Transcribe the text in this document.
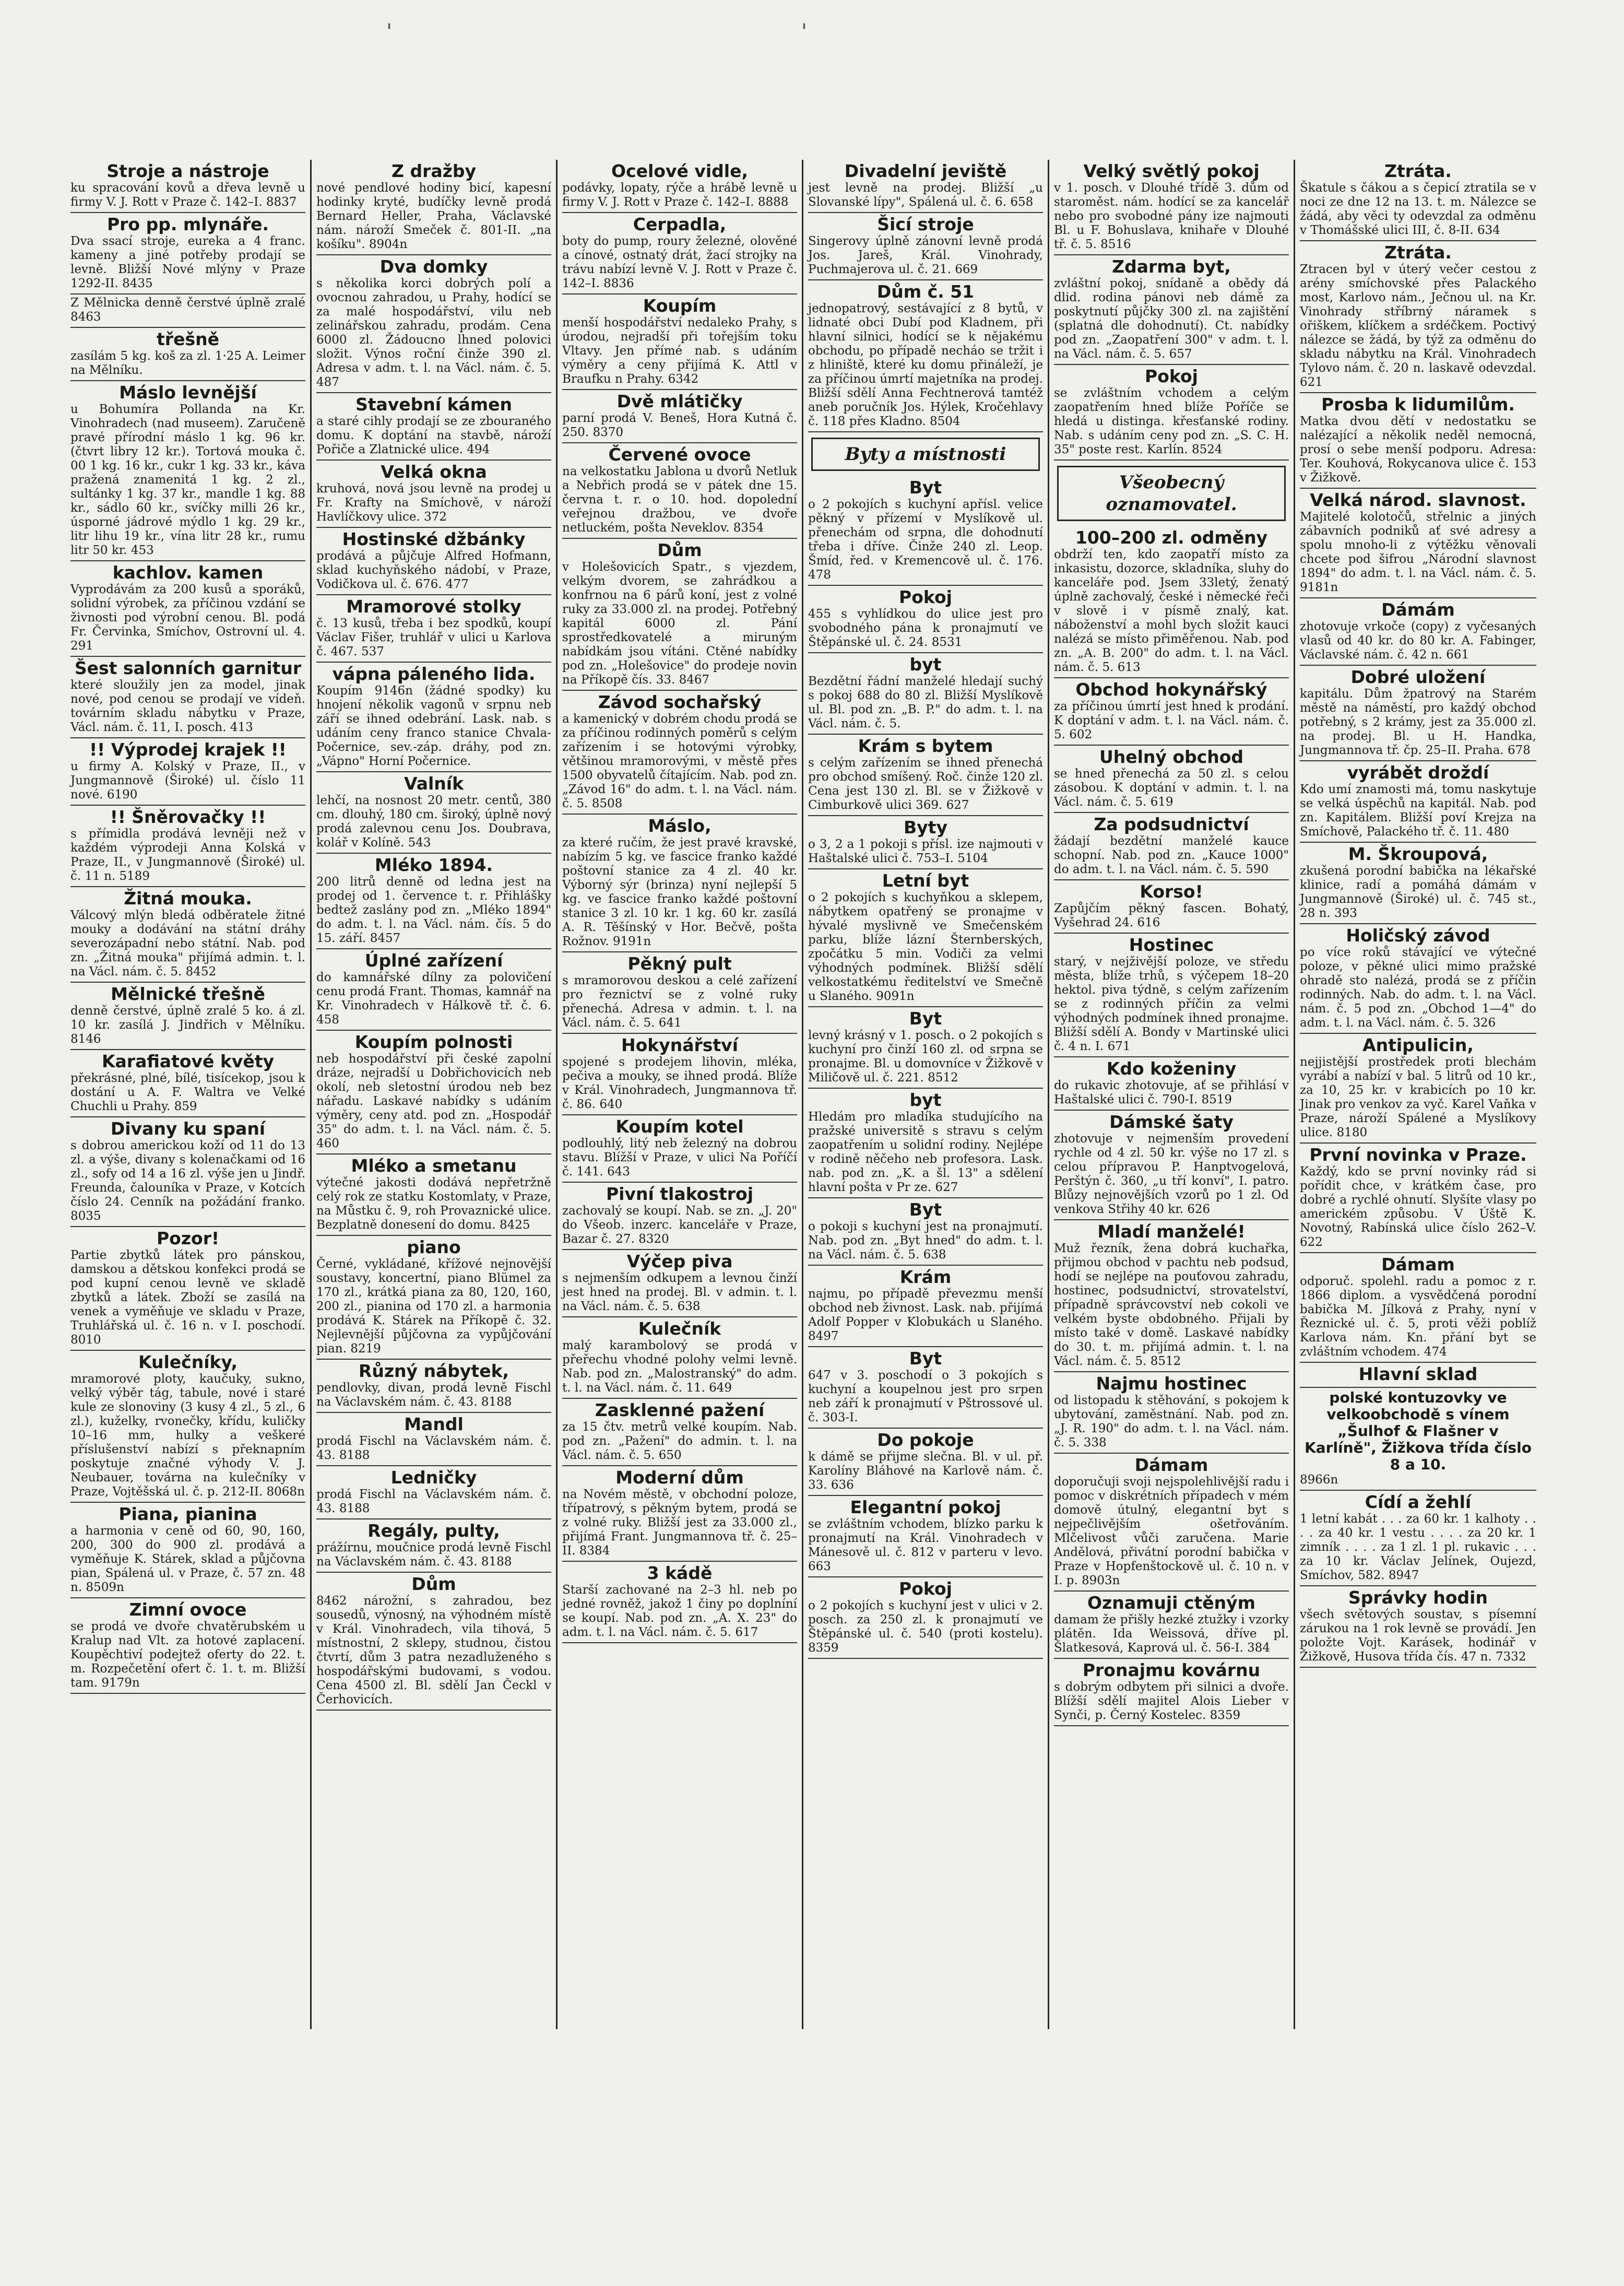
'	'
Stroje a nástroje
ku spracování kovů a dřeva levně u firmy V. J. Rott v Praze č. 142–I. 8837
Pro pp. mlynáře.
Dva ssací stroje, eureka a 4 franc. kameny a jiné potřeby prodají se levně. Bližší Nové mlýny v Praze 1292-II. 8435
Z Mělnicka denně čerstvé úplně zralé 8463
třešně
zasílám 5 kg. koš za zl. 1·25 A. Leimer na Mělníku.
Máslo levnější
u Bohumíra Pollanda na Kr. Vinohradech (nad museem). Zaručeně pravé přírodní máslo 1 kg. 96 kr. (čtvrt libry 12 kr.). Tortová mouka č. 00 1 kg. 16 kr., cukr 1 kg. 33 kr., káva pražená znamenitá 1 kg. 2 zl., sultánky 1 kg. 37 kr., mandle 1 kg. 88 kr., sádlo 60 kr., svíčky milli 26 kr., úsporné jádrové mýdlo 1 kg. 29 kr., litr lihu 19 kr., vína litr 28 kr., rumu litr 50 kr. 453
kachlov. kamen
Vyprodávám za 200 kusů a sporáků, solidní výrobek, za příčinou vzdání se živnosti pod výrobní cenou. Bl. podá Fr. Červinka, Smíchov, Ostrovní ul. 4. 291
Šest salonních garnitur
které sloužily jen za model, jinak nové, pod cenou se prodají ve vídeň. továrním skladu nábytku v Praze, Václ. nám. č. 11, I. posch. 413
!! Výprodej krajek !!
u firmy A. Kolský v Praze, II., v Jungmannově (Široké) ul. číslo 11 nové. 6190
!! Šněrovačky !!
s přímidla prodává levněji než v každém výprodeji Anna Kolská v Praze, II., v Jungmannově (Široké) ul. č. 11 n. 5189
Žitná mouka.
Válcový mlýn bledá odběratele žitné mouky a dodávání na státní dráhy severozápadní nebo státní. Nab. pod zn. „Žitná mouka" přijímá admin. t. l. na Václ. nám. č. 5. 8452
Mělnické třešně
denně čerstvé, úplně zralé 5 ko. á zl. 10 kr. zasílá J. Jindřich v Mělníku. 8146
Karafiatové květy
překrásné, plné, bílé, tisícekop, jsou k dostání u A. F. Waltra ve Velké Chuchli u Prahy. 859
Divany ku spaní
s dobrou americkou koží od 11 do 13 zl. a výše, divany s kolenačkami od 16 zl., sofy od 14 a 16 zl. výše jen u Jindř. Freunda, čalouníka v Praze, v Kotcích číslo 24. Cenník na požádání franko. 8035
Pozor!
Partie zbytků látek pro pánskou, damskou a dětskou konfekci prodá se pod kupní cenou levně ve skladě zbytků a látek. Zboží se zasílá na venek a vyměňuje ve skladu v Praze, Truhlářská ul. č. 16 n. v I. poschodí. 8010
Kulečníky,
mramorové ploty, kaučuky, sukno, velký výběr tág, tabule, nové i staré kule ze slonoviny (3 kusy 4 zl., 5 zl., 6 zl.), kuželky, rvonečky, křídu, kuličky 10–16 mm, hulky a veškeré příslušenství nabízí s překnapním poskytuje značné výhody V. J. Neubauer, továrna na kulečníky v Praze, Vojtěšská ul. č. p. 212-II. 8068n
Piana, pianina
a harmonia v ceně od 60, 90, 160, 200, 300 do 900 zl. prodává a vyměňuje K. Stárek, sklad a půjčovna pian, Spálená ul. v Praze, č. 57 zn. 48 n. 8509n
Zimní ovoce
se prodá ve dvoře chvatěrubském u Kralup nad Vlt. za hotové zaplacení. Koupěchtiví podejtež oferty do 22. t. m. Rozpečetění ofert č. 1. t. m. Bližší tam. 9179n
Z dražby
nové pendlové hodiny bicí, kapesní hodinky kryté, budíčky levně prodá Bernard Heller, Praha, Václavské nám. nároží Smeček č. 801-II. „na košíku". 8904n
Dva domky
s několika korci dobrých polí a ovocnou zahradou, u Prahy, hodící se za malé hospodářství, vilu neb zelinářskou zahradu, prodám. Cena 6000 zl. Žádoucno lhned polovici složit. Výnos roční činže 390 zl. Adresa v adm. t. l. na Václ. nám. č. 5. 487
Stavební kámen
a staré cihly prodají se ze zbouraného domu. K doptání na stavbě, nároží Pořiče a Zlatnické ulice. 494
Velká okna
kruhová, nová jsou levně na prodej u Fr. Krafty na Smíchově, v nároží Havlíčkovy ulice. 372
Hostinské džbánky
prodává a půjčuje Alfred Hofmann, sklad kuchyňského nádobí, v Praze, Vodičkova ul. č. 676. 477
Mramorové stolky
č. 13 kusů, třeba i bez spodků, koupí Václav Fišer, truhlář v ulici u Karlova č. 467. 537
vápna páleného lida.
Koupím 9146n (žádné spodky) ku hnojení několik vagonů v srpnu neb září se ihned odebrání. Lask. nab. s udáním ceny franco stanice Chvala-Počernice, sev.-záp. dráhy, pod zn. „Vápno" Horní Počernice.
Valník
lehčí, na nosnost 20 metr. centů, 380 cm. dlouhý, 180 cm. široký, úplně nový prodá zalevnou cenu Jos. Doubrava, kolář v Kolíně. 543
Mléko 1894.
200 litrů denně od ledna jest na prodej od 1. července t. r. Přihlášky bedtež zaslány pod zn. „Mléko 1894" do adm. t. l. na Václ. nám. čís. 5 do 15. září. 8457
Úplné zařízení
do kamnářské dílny za polovičení cenu prodá Frant. Thomas, kamnář na Kr. Vinohradech v Hálkově tř. č. 6. 458
Koupím polnosti
neb hospodářství při české zapolní dráze, nejradší u Dobřichovicích neb okolí, neb sletostní úrodou neb bez nářadu. Laskavé nabídky s udáním výměry, ceny atd. pod zn. „Hospodář 35" do adm. t. l. na Václ. nám. č. 5. 460
Mléko a smetanu
výtečné jakosti dodává nepřetržně celý rok ze statku Kostomlaty, v Praze, na Můstku č. 9, roh Provaznické ulice. Bezplatně donesení do domu. 8425
piano
Černé, vykládané, křížové nejnovější soustavy, koncertní, piano Blümel za 170 zl., krátká piana za 80, 120, 160, 200 zl., pianina od 170 zl. a harmonia prodává K. Stárek na Příkopě č. 32. Nejlevnější půjčovna za vypůjčování pian. 8219
Různý nábytek,
pendlovky, divan, prodá levně Fischl na Václavském nám. č. 43. 8188
Mandl
prodá Fischl na Václavském nám. č. 43. 8188
Ledničky
prodá Fischl na Václavském nám. č. 43. 8188
Regály, pulty,
prážírnu, moučnice prodá levně Fischl na Václavském nám. č. 43. 8188
Dům
8462 nárožní, s zahradou, bez sousedů, výnosný, na výhodném místě v Král. Vinohradech, vila tihová, 5 místnostní, 2 sklepy, studnou, čistou čtvrtí, dům 3 patra nezadluženého s hospodářskými budovami, s vodou. Cena 4500 zl. Bl. sdělí Jan Čeckl v Čerhovicích.
Ocelové vidle,
podávky, lopaty, rýče a hrábě levně u firmy V. J. Rott v Praze č. 142–I. 8888
Cerpadla,
boty do pump, roury železné, olověné a cínové, ostnatý drát, žací strojky na trávu nabízí levně V. J. Rott v Praze č. 142–I. 8836
Koupím
menší hospodářství nedaleko Prahy, s úrodou, nejradší při tořejším toku Vltavy. Jen přímé nab. s udáním výměry a ceny přijímá K. Attl v Braufku n Prahy. 6342
Dvě mlátičky
parní prodá V. Beneš, Hora Kutná č. 250. 8370
Červené ovoce
na velkostatku Jablona u dvorů Netluk a Nebřich prodá se v pátek dne 15. června t. r. o 10. hod. dopolední veřejnou dražbou, ve dvoře netluckém, pošta Neveklov. 8354
Dům
v Holešovicích Spatr., s vjezdem, velkým dvorem, se zahrádkou a konfrnou na 6 párů koní, jest z volné ruky za 33.000 zl. na prodej. Potřebný kapitál 6000 zl. Pání sprostředkovatelé a miruným nabídkám jsou vítáni. Ctěné nabídky pod zn. „Holešovice" do prodeje novin na Příkopě čís. 33. 8467
Závod sochařský
a kamenický v dobrém chodu prodá se za příčinou rodinných poměrů s celým zařízením i se hotovými výrobky, většinou mramorovými, v městě přes 1500 obyvatelů čítajícím. Nab. pod zn. „Závod 16" do adm. t. l. na Václ. nám. č. 5. 8508
Máslo,
za které ručím, že jest pravé kravské, nabízím 5 kg. ve fascice franko každé poštovní stanice za 4 zl. 40 kr. Výborný sýr (brinza) nyní nejlepší 5 kg. ve fascice franko každé poštovní stanice 3 zl. 10 kr. 1 kg. 60 kr. zasílá A. R. Těšínský v Hor. Bečvě, pošta Rožnov. 9191n
Pěkný pult
s mramorovou deskou a celé zařízení pro řeznictví se z volné ruky přenechá. Adresa v admin. t. l. na Václ. nám. č. 5. 641
Hokynářství
spojené s prodejem lihovin, mléka, pečiva a mouky, se ihned prodá. Blíže v Král. Vinohradech, Jungmannova tř. č. 86. 640
Koupím kotel
podlouhlý, litý neb železný na dobrou stavu. Blížší v Praze, v ulici Na Poříčí č. 141. 643
Pivní tlakostroj
zachovalý se koupí. Nab. se zn. „J. 20" do Všeob. inzerc. kanceláře v Praze, Bazar č. 27. 8320
Výčep piva
s nejmenším odkupem a levnou činží jest hned na prodej. Bl. v admin. t. l. na Václ. nám. č. 5. 638
Kulečník
malý karambolový se prodá v přeřechu vhodné polohy velmi levně. Nab. pod zn. „Malostranský" do adm. t. l. na Václ. nám. č. 11. 649
Zasklenné pažení
za 15 čtv. metrů velké koupím. Nab. pod zn. „Pažení" do admin. t. l. na Václ. nám. č. 5. 650
Moderní dům
na Novém městě, v obchodní poloze, třípatrový, s pěkným bytem, prodá se z volné ruky. Bližší jest za 33.000 zl., přijímá Frant. Jungmannova tř. č. 25–II. 8384
3 kádě
Starší zachované na 2–3 hl. neb po jedné rovněž, jakož 1 činy po doplníní se koupí. Nab. pod zn. „A. X. 23" do adm. t. l. na Václ. nám. č. 5. 617
Divadelní jeviště
jest levně na prodej. Bližší „u Slovanské lípy", Spálená ul. č. 6. 658
Šicí stroje
Singerovy úplně zánovní levně prodá Jos. Jareš, Král. Vinohrady, Puchmajerova ul. č. 21. 669
Dům č. 51
jednopatrový, sestávající z 8 bytů, v lidnaté obci Dubí pod Kladnem, při hlavní silnici, hodící se k nějakému obchodu, po případě necháo se tržit i z hliniště, které ku domu přináleží, je za příčinou úmrtí majetníka na prodej. Bližší sdělí Anna Fechtnerová tamtéž aneb poručník Jos. Hýlek, Kročehlavy č. 118 přes Kladno. 8504
Byty a místnosti
Byt
o 2 pokojích s kuchyní apřísl. velice pěkný v přízemí v Myslíkově ul. přenechám od srpna, dle dohodnutí třeba i dříve. Činže 240 zl. Leop. Šmíd, řed. v Kremencově ul. č. 176. 478
Pokoj
455 s vyhlídkou do ulice jest pro svobodného pána k pronajmutí ve Štěpánské ul. č. 24. 8531
byt
Bezdětní řádní manželé hledají suchý s pokoj 688 do 80 zl. Bližší Myslíkově ul. Bl. pod zn. „B. P." do adm. t. l. na Václ. nám. č. 5.
Krám s bytem
s celým zařízením se ihned přenechá pro obchod smíšený. Roč. činže 120 zl. Cena jest 130 zl. Bl. se v Žižkově v Cimburkově ulici 369. 627
Byty
o 3, 2 a 1 pokoji s přísl. ize najmouti v Haštalské ulici č. 753–I. 5104
Letní byt
o 2 pokojích s kuchyňkou a sklepem, nábytkem opatřený se pronajme v hývalé myslivně ve Smečenském parku, blíže lázní Šternberských, zpočátku 5 min. Vodiči za velmi výhodných podmínek. Bližší sdělí velkostatkému ředitelství ve Smečně u Slaného. 9091n
Byt
levný krásný v 1. posch. o 2 pokojích s kuchyní pro činží 160 zl. od srpna se pronajme. Bl. u domovníce v Žižkově v Miličově ul. č. 221. 8512
byt
Hledám pro mladíka studujícího na pražské universitě s stravu s celým zaopatřením u solidní rodiny. Nejlépe v rodině něčeho neb profesora. Lask. nab. pod zn. „K. a šl. 13" a sdělení hlavní pošta v Pr ze. 627
Byt
o pokoji s kuchyní jest na pronajmutí. Nab. pod zn. „Byt hned" do adm. t. l. na Václ. nám. č. 5. 638
Krám
najmu, po případě převezmu menší obchod neb živnost. Lask. nab. přijímá Adolf Popper v Klobukách u Slaného. 8497
Byt
647 v 3. poschodí o 3 pokojích s kuchyní a koupelnou jest pro srpen neb září k pronajmutí v Pštrossové ul. č. 303-I.
Do pokoje
k dámě se přijme slečna. Bl. v ul. př. Karolíny Bláhové na Karlově nám. č. 33. 636
Elegantní pokoj
se zvláštním vchodem, blízko parku k pronajmutí na Král. Vinohradech v Mánesově ul. č. 812 v parteru v levo. 663
Pokoj
o 2 pokojích s kuchyní jest v ulici v 2. posch. za 250 zl. k pronajmutí ve Štěpánské ul. č. 540 (proti kostelu). 8359
Velký světlý pokoj
v 1. posch. v Dlouhé třídě 3. dům od staroměst. nám. hodící se za kancelář nebo pro svobodné pány ize najmouti Bl. u F. Bohuslava, knihaře v Dlouhé tř. č. 5. 8516
Zdarma byt,
zvláštní pokoj, snídaně a obědy dá dlid. rodina pánovi neb dámě za poskytnutí půjčky 300 zl. na zajištění (splatná dle dohodnutí). Ct. nabídky pod zn. „Zaopatření 300" v adm. t. l. na Václ. nám. č. 5. 657
Pokoj
se zvláštním vchodem a celým zaopatřením hned blíže Poříče se hledá u distinga. křesťanské rodiny. Nab. s udáním ceny pod zn. „S. C. H. 35" poste rest. Karlín. 8524
Všeobecný oznamovatel.
100–200 zl. odměny
obdrží ten, kdo zaopatří místo za inkasistu, dozorce, skladníka, sluhy do kanceláře pod. Jsem 33letý, ženatý úplně zachovalý, české i německé řeči v slově i v písmě znalý, kat. náboženství a mohl bych složit kauci nalézá se místo přiměřenou. Nab. pod zn. „A. B. 200" do adm. t. l. na Václ. nám. č. 5. 613
Obchod hokynářský
za příčinou úmrtí jest hned k prodání. K doptání v adm. t. l. na Václ. nám. č. 5. 602
Uhelný obchod
se hned přenechá za 50 zl. s celou zásobou. K doptání v admin. t. l. na Václ. nám. č. 5. 619
Za podsudnictví
žádají bezdětní manželé kauce schopní. Nab. pod zn. „Kauce 1000" do adm. t. l. na Václ. nám. č. 5. 590
Korso!
Zapůjčím pěkný fascen. Bohatý, Vyšehrad 24. 616
Hostinec
starý, v nejživější poloze, ve středu města, blíže trhů, s výčepem 18–20 hektol. piva týdně, s celým zařízením se z rodinných příčin za velmi výhodných podmínek ihned pronajme. Bližší sdělí A. Bondy v Martinské ulici č. 4 n. I. 671
Kdo koženiny
do rukavic zhotovuje, ať se přihlásí v Haštalské ulici č. 790-I. 8519
Dámské šaty
zhotovuje v nejmenším provedení rychle od 4 zl. 50 kr. výše no 17 zl. s celou přípravou P. Hanptvogelová, Perštýn č. 360, „u tří konví", I. patro. Blůzy nejnovějších vzorů po 1 zl. Od venkova Střihy 40 kr. 626
Mladí manželé!
Muž řezník, žena dobrá kuchařka, přijmou obchod v pachtu neb podsud, hodí se nejlépe na pouťovou zahradu, hostinec, podsudnictví, strovatelství, případně správcovství neb cokoli ve velkém byste obdobného. Přijali by místo také v domě. Laskavé nabídky do 30. t. m. přijímá admin. t. l. na Václ. nám. č. 5. 8512
Najmu hostinec
od listopadu k stěhování, s pokojem k ubytování, zaměstnání. Nab. pod zn. „J. R. 190" do adm. t. l. na Václ. nám. č. 5. 338
Dámam
doporučuji svoji nejspolehlivější radu i pomoc v diskrétních případech v mém domově útulný, elegantní byt s nejpečlivějším ošetřováním. Mlčelivost vůči zaručena. Marie Andělová, přivátní porodní babička v Praze v Hopfenštockově ul. č. 10 n. v I. p. 8903n
Oznamuji ctěným
damam že přišly hezké ztužky i vzorky plátěn. Ida Weissová, dříve pl. Šlatkesová, Kaprová ul. č. 56-I. 384
Pronajmu kovárnu
s dobrým odbytem při silnici a dvoře. Blížší sdělí majitel Alois Lieber v Synči, p. Černý Kostelec. 8359
Ztráta.
Škatule s čákou a s čepicí ztratila se v noci ze dne 12 na 13. t. m. Nálezce se žádá, aby věci ty odevzdal za odměnu v Thomášské ulici III, č. 8-II. 634
Ztráta.
Ztracen byl v úterý večer cestou z arény smíchovské přes Palackého most, Karlovo nám., Ječnou ul. na Kr. Vinohrady stříbrný náramek s ořiškem, klíčkem a srdéčkem. Poctivý nálezce se žádá, by týž za odměnu do skladu nábytku na Král. Vinohradech Tylovo nám. č. 20 n. laskavě odevzdal. 621
Prosba k lidumilům.
Matka dvou dětí v nedostatku se nalézající a několik neděl nemocná, prosí o sebe menší podporu. Adresa: Ter. Kouhová, Rokycanova ulice č. 153 v Žižkově.
Velká národ. slavnost.
Majitelé kolotočů, střelnic a jiných zábavních podniků ať své adresy a spolu mnoho-li z výtěžku věnovali chcete pod šifrou „Národní slavnost 1894" do adm. t. l. na Václ. nám. č. 5. 9181n
Dámám
zhotovuje vrkoče (copy) z vyčesaných vlasů od 40 kr. do 80 kr. A. Fabinger, Václavské nám. č. 42 n. 661
Dobré uložení
kapitálu. Dům žpatrový na Starém městě na náměstí, pro každý obchod potřebný, s 2 krámy, jest za 35.000 zl. na prodej. Bl. u H. Handka, Jungmannova tř. čp. 25–II. Praha. 678
vyrábět droždí
Kdo umí znamosti má, tomu naskytuje se velká úspěchů na kapitál. Nab. pod zn. Kapitálem. Bližší poví Krejza na Smíchově, Palackého tř. č. 11. 480
M. Škroupová,
zkušená porodní babička na lékařské klinice, radí a pomáhá dámám v Jungmannově (Široké) ul. č. 745 st., 28 n. 393
Holičský závod
po více roků stávající ve výtečné poloze, v pěkné ulici mimo pražské ohradě sto nalézá, prodá se z příčin rodinných. Nab. do adm. t. l. na Václ. nám. č. 5 pod zn. „Obchod 1—4" do adm. t. l. na Václ. nám. č. 5. 326
Antipulicin,
nejjistější prostředek proti blechám vyrábí a nabízí v bal. 5 litrů od 10 kr., za 10, 25 kr. v krabicích po 10 kr. Jinak pro venkov za vyč. Karel Vaňka v Praze, nároží Spálené a Myslíkovy ulice. 8180
První novinka v Praze.
Každý, kdo se první novinky rád si pořídit chce, v krátkém čase, pro dobré a rychlé ohnutí. Slyšíte vlasy po americkém způsobu. V Úště K. Novotný, Rabínská ulice číslo 262–V. 622
Dámam
odporuč. spolehl. radu a pomoc z r. 1866 diplom. a vysvědčená porodní babička M. Jílková z Prahy, nyní v Řeznické ul. č. 5, proti věži poblíž Karlova nám. Kn. přání byt se zvláštním vchodem. 474
Hlavní sklad
polské kontuzovky ve velkoobchodě s vínem „Šulhof & Flašner v Karlíně", Žižkova třída číslo 8 a 10.
8966n
Cídí a žehlí
1 letní kabát . . . za 60 kr. 1 kalhoty . . . . za 40 kr. 1 vestu . . . . za 20 kr. 1 zimník . . . . za 1 zl. 1 pl. rukavic . . . za 10 kr. Václav Jelínek, Oujezd, Smíchov, 582. 8947
Správky hodin
všech světových soustav, s písemní zárukou na 1 rok levně se provádí. Jen položte Vojt. Karásek, hodinář v Žižkově, Husova třída čís. 47 n. 7332
